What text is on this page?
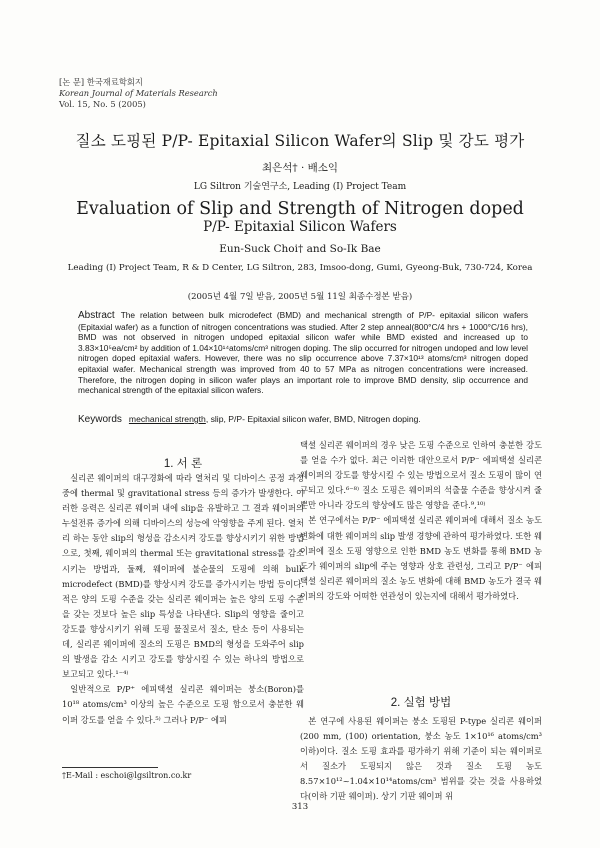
[논 문] 한국재료학회지
Korean Journal of Materials Research
Vol. 15, No. 5 (2005)
질소 도핑된 P/P- Epitaxial Silicon Wafer의 Slip 및 강도 평가
최은석† · 배소익
LG Siltron 기술연구소, Leading (I) Project Team
Evaluation of Slip and Strength of Nitrogen doped
P/P- Epitaxial Silicon Wafers
Eun-Suck Choi† and So-Ik Bae
Leading (I) Project Team, R & D Center, LG Siltron, 283, Imsoo-dong, Gumi, Gyeong-Buk, 730-724, Korea
(2005년 4월 7일 받음, 2005년 5월 11일 최종수정본 받음)
Abstract The relation between bulk microdefect (BMD) and mechanical strength of P/P- epitaxial silicon wafers (Epitaxial wafer) as a function of nitrogen concentrations was studied. After 2 step anneal(800°C/4 hrs + 1000°C/16 hrs), BMD was not observed in nitrogen undoped epitaxial silicon wafer while BMD existed and increased up to 3.83×10⁵ea/cm² by addition of 1.04×10¹⁴atoms/cm³ nitrogen doping. The slip occurred for nitrogen undoped and low level nitrogen doped epitaxial wafers. However, there was no slip occurrence above 7.37×10¹³ atoms/cm³ nitrogen doped epitaxial wafer. Mechanical strength was improved from 40 to 57 MPa as nitrogen concentrations were increased. Therefore, the nitrogen doping in silicon wafer plays an important role to improve BMD density, slip occurrence and mechanical strength of the epitaxial silicon wafers.
Keywords mechanical strength, slip, P/P- Epitaxial silicon wafer, BMD, Nitrogen doping.
1. 서 론

실리콘 웨이퍼의 대구경화에 따라 열처리 및 디바이스 공정 과정 중에 thermal 및 gravitational stress 등의 증가가 발생한다. 이러한 응력은 실리콘 웨이퍼 내에 slip을 유발하고 그 결과 웨이퍼의 누설전류 증가에 의해 디바이스의 성능에 악영향을 주게 된다. 열처리 하는 동안 slip의 형성을 감소시켜 강도를 향상시키기 위한 방법으로, 첫째, 웨이퍼의 thermal 또는 gravitational stress를 감소시키는 방법과, 둘째, 웨이퍼에 불순물의 도핑에 의해 bulk microdefect (BMD)를 향상시켜 강도를 증가시키는 방법 등이다. 적은 양의 도핑 수준을 갖는 실리콘 웨이퍼는 높은 양의 도핑 수준을 갖는 것보다 높은 slip 특성을 나타낸다. Slip의 영향을 줄이고 강도를 향상시키기 위해 도핑 물질로서 질소, 탄소 등이 사용되는데, 실리콘 웨이퍼에 질소의 도핑은 BMD의 형성을 도와주어 slip의 발생을 감소 시키고 강도를 향상시킬 수 있는 하나의 방법으로 보고되고 있다.¹⁻⁴⁾

일반적으로 P/P⁺ 에피택셜 실리콘 웨이퍼는 붕소(Boron)를 10¹⁸ atoms/cm³ 이상의 높은 수준으로 도핑 함으로서 충분한 웨이퍼 강도를 얻을 수 있다.⁵⁾ 그러나 P/P⁻ 에피

택셜 실리콘 웨이퍼의 경우 낮은 도핑 수준으로 인하여 충분한 강도를 얻을 수가 없다. 최근 이러한 대안으로서 P/P⁻ 에피택셜 실리콘 웨이퍼의 강도를 향상시킬 수 있는 방법으로서 질소 도핑이 많이 연구되고 있다.⁶⁻⁸⁾ 질소 도핑은 웨이퍼의 석출물 수준을 향상시켜 줄 뿐만 아니라 강도의 향상에도 많은 영향을 준다.⁹,¹⁰⁾

본 연구에서는 P/P⁻ 에피택셜 실리콘 웨이퍼에 대해서 질소 농도 변화에 대한 웨이퍼의 slip 발생 경향에 관하여 평가하였다. 또한 웨이퍼에 질소 도핑 영향으로 인한 BMD 농도 변화를 통해 BMD 농도가 웨이퍼의 slip에 주는 영향과 상호 관련성, 그리고 P/P⁻ 에피택셜 실리콘 웨이퍼의 질소 농도 변화에 대해 BMD 농도가 결국 웨이퍼의 강도와 어떠한 연관성이 있는지에 대해서 평가하였다.

2. 실험 방법

본 연구에 사용된 웨이퍼는 붕소 도핑된 P-type 실리콘 웨이퍼(200 mm, (100) orientation, 붕소 농도 1×10¹⁶ atoms/cm³ 이하)이다. 질소 도핑 효과를 평가하기 위해 기준이 되는 웨이퍼로서 질소가 도핑되지 않은 것과 질소 도핑 농도 8.57×10¹²~1.04×10¹⁴atoms/cm³ 범위를 갖는 것을 사용하였다(이하 기판 웨이퍼). 상기 기판 웨이퍼 위

†E-Mail : eschoi@lgsiltron.co.kr
313
